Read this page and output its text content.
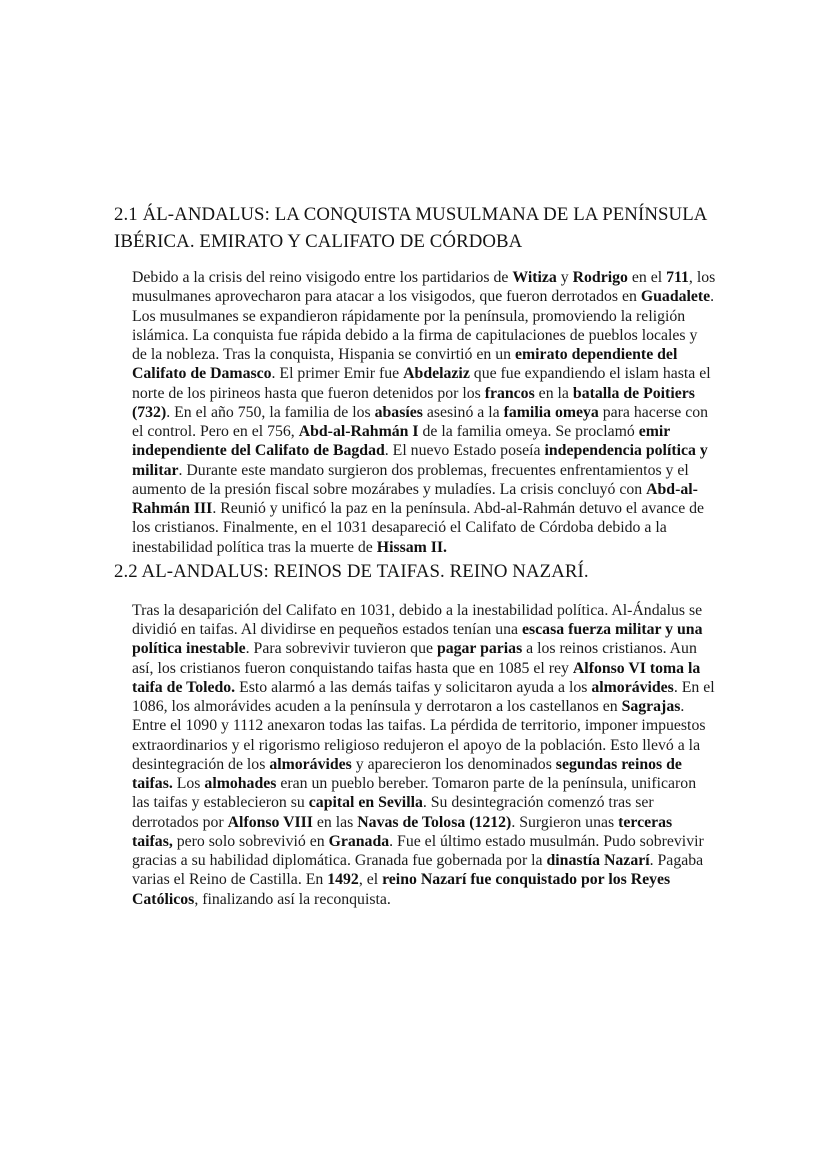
2.1 ÁL-ANDALUS: LA CONQUISTA MUSULMANA DE LA PENÍNSULA IBÉRICA. EMIRATO Y CALIFATO DE CÓRDOBA

Debido a la crisis del reino visigodo entre los partidarios de Witiza y Rodrigo en el 711, los musulmanes aprovecharon para atacar a los visigodos, que fueron derrotados en Guadalete. Los musulmanes se expandieron rápidamente por la península, promoviendo la religión islámica. La conquista fue rápida debido a la firma de capitulaciones de pueblos locales y de la nobleza. Tras la conquista, Hispania se convirtió en un emirato dependiente del Califato de Damasco. El primer Emir fue Abdelaziz que fue expandiendo el islam hasta el norte de los pirineos hasta que fueron detenidos por los francos en la batalla de Poitiers (732). En el año 750, la familia de los abasíes asesinó a la familia omeya para hacerse con el control. Pero en el 756, Abd-al-Rahmán I de la familia omeya. Se proclamó emir independiente del Califato de Bagdad. El nuevo Estado poseía independencia política y militar. Durante este mandato surgieron dos problemas, frecuentes enfrentamientos y el aumento de la presión fiscal sobre mozárabes y muladíes. La crisis concluyó con Abd-al-Rahmán III. Reunió y unificó la paz en la península. Abd-al-Rahmán detuvo el avance de los cristianos. Finalmente, en el 1031 desapareció el Califato de Córdoba debido a la inestabilidad política tras la muerte de Hissam II.

2.2 AL-ANDALUS: REINOS DE TAIFAS. REINO NAZARÍ.

Tras la desaparición del Califato en 1031, debido a la inestabilidad política. Al-Ándalus se dividió en taifas. Al dividirse en pequeños estados tenían una escasa fuerza militar y una política inestable. Para sobrevivir tuvieron que pagar parias a los reinos cristianos. Aun así, los cristianos fueron conquistando taifas hasta que en 1085 el rey Alfonso VI toma la taifa de Toledo. Esto alarmó a las demás taifas y solicitaron ayuda a los almorávides. En el 1086, los almorávides acuden a la península y derrotaron a los castellanos en Sagrajas. Entre el 1090 y 1112 anexaron todas las taifas. La pérdida de territorio, imponer impuestos extraordinarios y el rigorismo religioso redujeron el apoyo de la población. Esto llevó a la desintegración de los almorávides y aparecieron los denominados segundas reinos de taifas. Los almohades eran un pueblo bereber. Tomaron parte de la península, unificaron las taifas y establecieron su capital en Sevilla. Su desintegración comenzó tras ser derrotados por Alfonso VIII en las Navas de Tolosa (1212). Surgieron unas terceras taifas, pero solo sobrevivió en Granada. Fue el último estado musulmán. Pudo sobrevivir gracias a su habilidad diplomática. Granada fue gobernada por la dinastía Nazarí. Pagaba varias el Reino de Castilla. En 1492, el reino Nazarí fue conquistado por los Reyes Católicos, finalizando así la reconquista.
